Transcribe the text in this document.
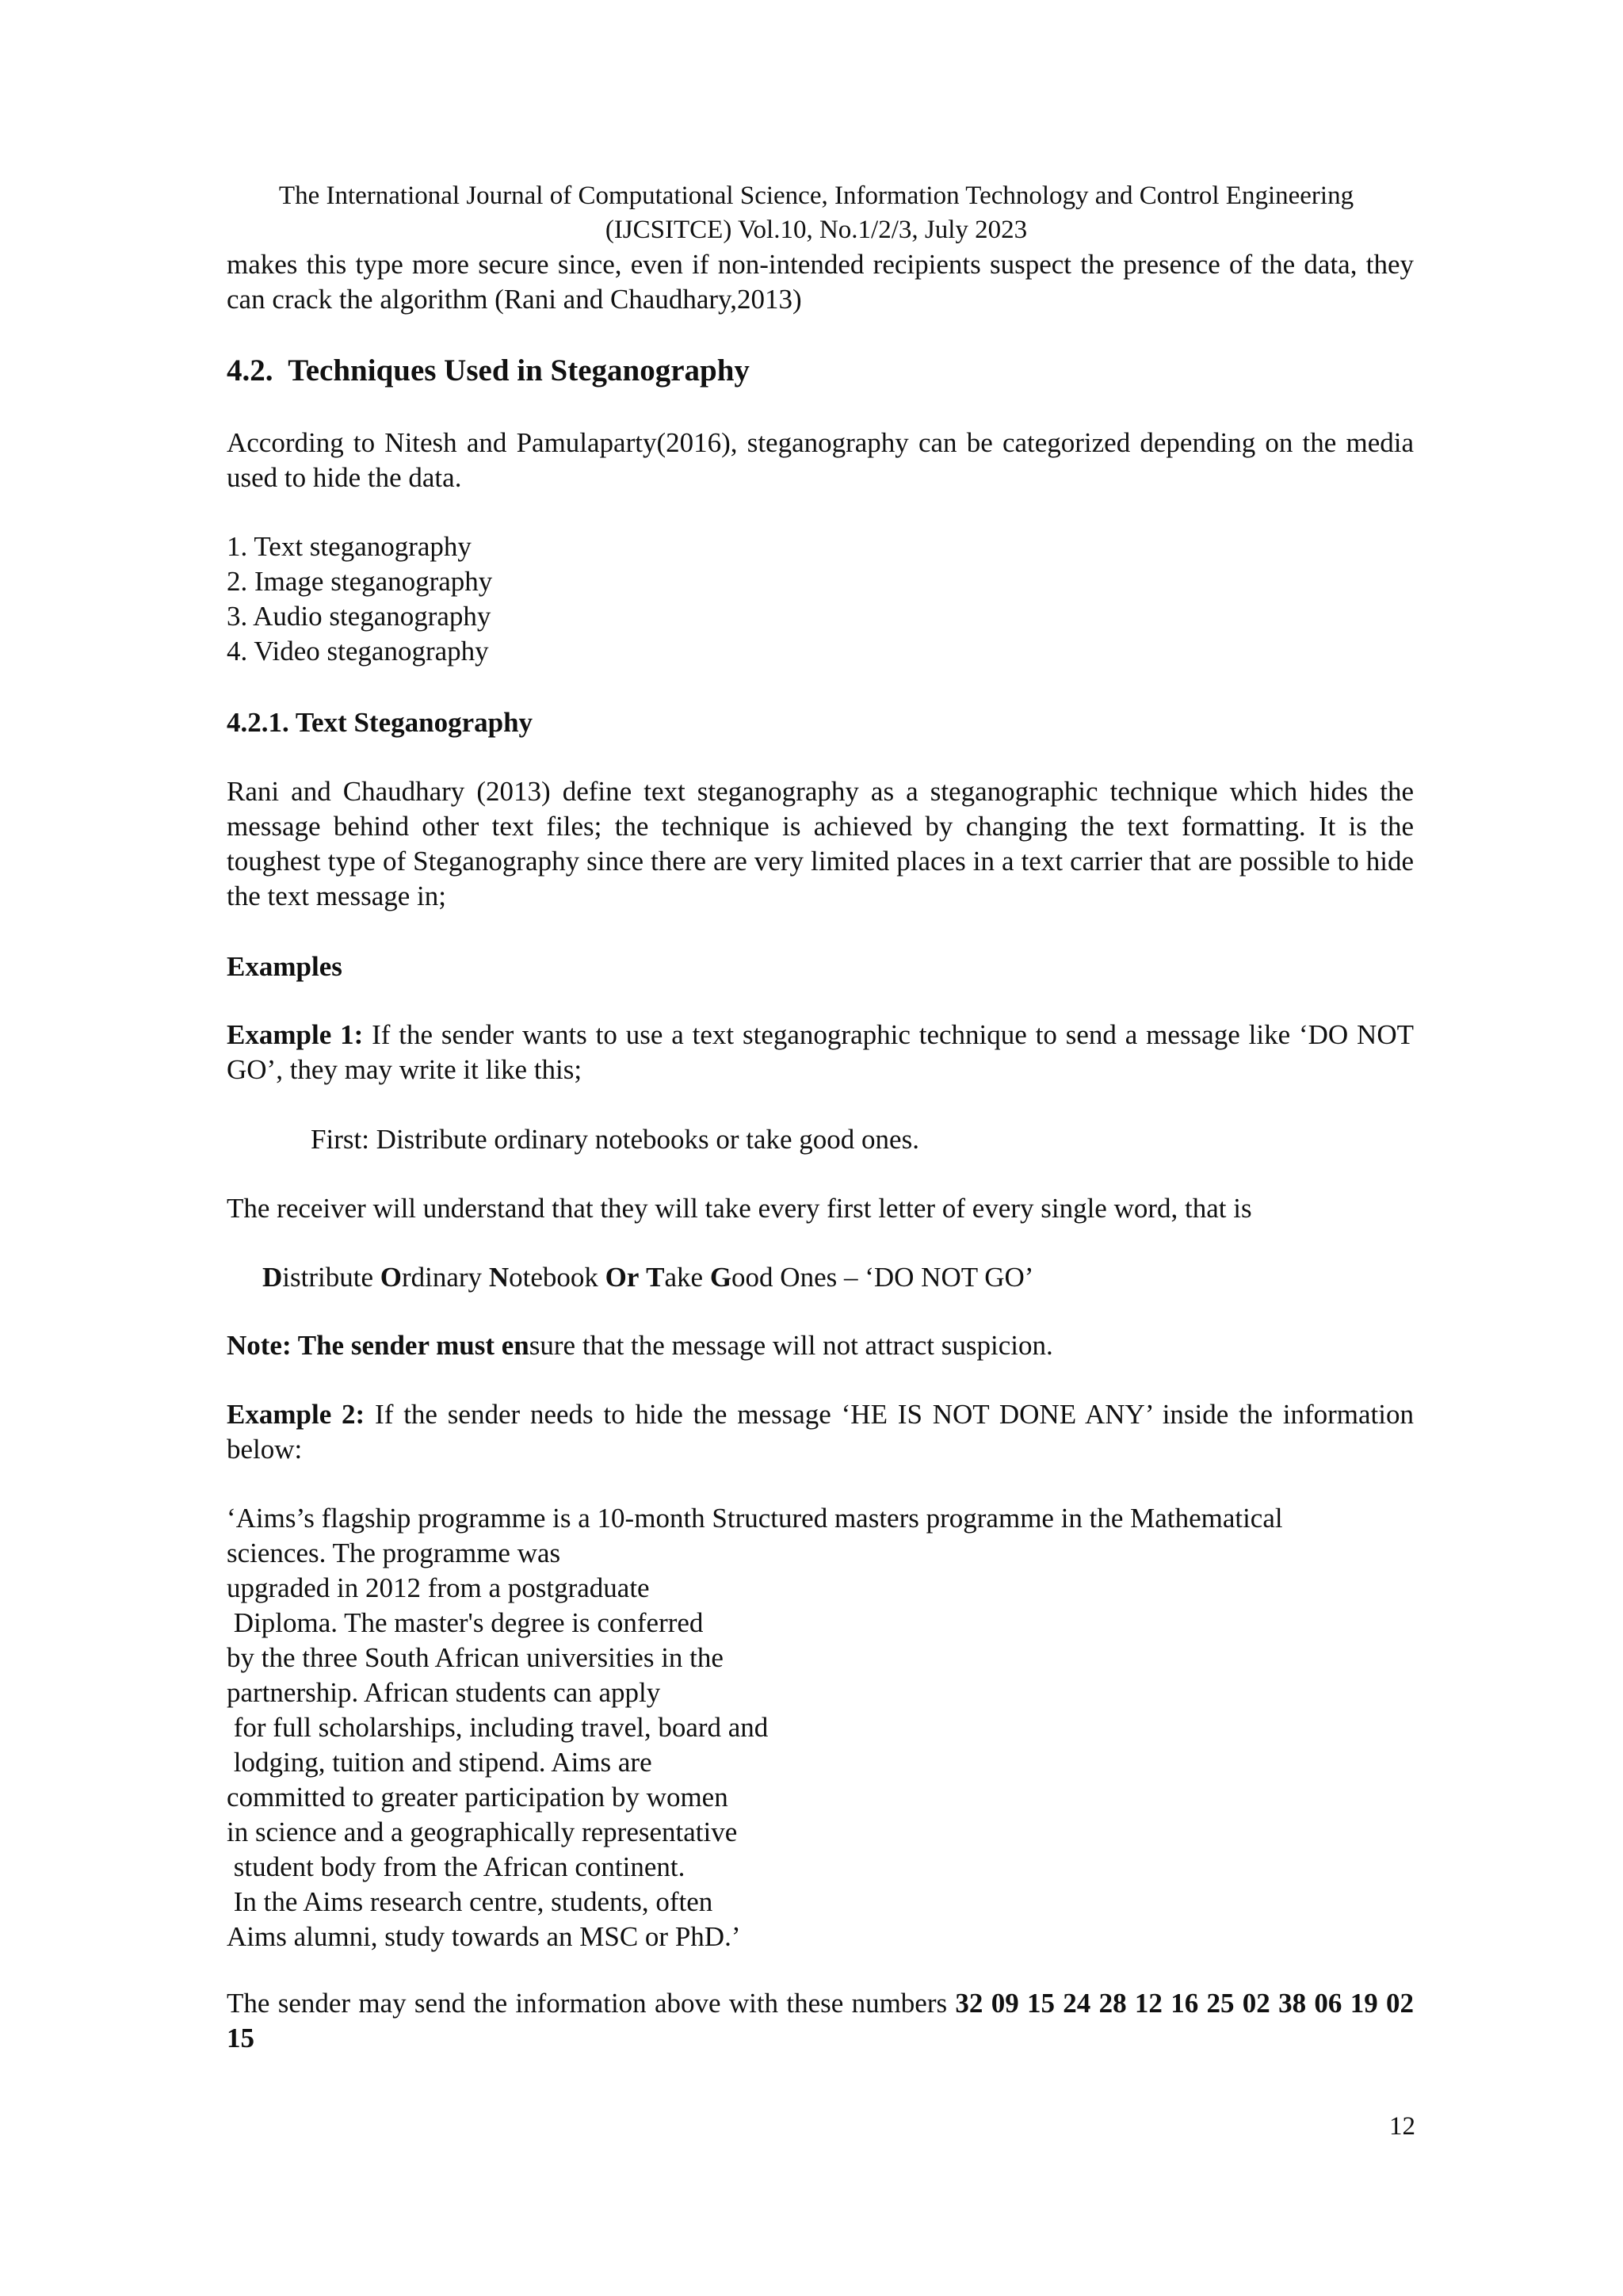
The International Journal of Computational Science, Information Technology and Control Engineering

(IJCSITCE) Vol.10, No.1/2/3, July 2023

makes this type more secure since, even if non-intended recipients suspect the presence of the data, they can crack the algorithm (Rani and Chaudhary,2013)

4.2. Techniques Used in Steganography

According to Nitesh and Pamulaparty(2016), steganography can be categorized depending on the media used to hide the data.

1. Text steganography
2. Image steganography
3. Audio steganography
4. Video steganography
4.2.1. Text Steganography

Rani and Chaudhary (2013) define text steganography as a steganographic technique which hides the message behind other text files; the technique is achieved by changing the text formatting. It is the toughest type of Steganography since there are very limited places in a text carrier that are possible to hide the text message in;

Examples

Example 1: If the sender wants to use a text steganographic technique to send a message like ‘DO NOT GO’, they may write it like this;

First: Distribute ordinary notebooks or take good ones.

The receiver will understand that they will take every first letter of every single word, that is

Distribute Ordinary Notebook Or Take Good Ones – ‘DO NOT GO’

Note: The sender must ensure that the message will not attract suspicion.

Example 2: If the sender needs to hide the message ‘HE IS NOT DONE ANY’ inside the information below:

‘Aims’s flagship programme is a 10-month Structured masters programme in the Mathematical

sciences. The programme was
upgraded in 2012 from a postgraduate
Diploma. The master's degree is conferred
by the three South African universities in the
partnership. African students can apply
for full scholarships, including travel, board and
lodging, tuition and stipend. Aims are
committed to greater participation by women
in science and a geographically representative
student body from the African continent.
In the Aims research centre, students, often
Aims alumni, study towards an MSC or PhD.’

The sender may send the information above with these numbers 32 09 15 24 28 12 16 25 02 38 06 19 02 15

12
